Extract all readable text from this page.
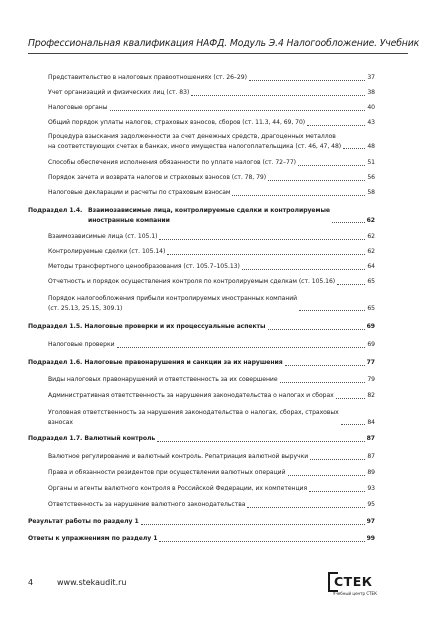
Профессиональная квалификация НАФД. Модуль Э.4 Налогообложение. Учебник
Представительство в налоговых правоотношениях (ст. 26–29)	37
Учет организаций и физических лиц (ст. 83)	38
Налоговые органы	40
Общий порядок уплаты налогов, страховых взносов, сборов (ст. 11.3, 44, 69, 70)	43
Процедура взыскания задолженности за счет денежных средств, драгоценных металлов
на соответствующих счетах в банках, иного имущества налогоплательщика (ст. 46, 47, 48)	48
Способы обеспечения исполнения обязанности по уплате налогов (ст. 72–77)	51
Порядок зачета и возврата налогов и страховых взносов (ст. 78, 79)	56
Налоговые декларации и расчеты по страховым взносам	58
Подраздел 1.4. Взаимозависимые лица, контролируемые сделки и контролируемые
иностранные компании	62
Взаимозависимые лица (ст. 105.1)	62
Контролируемые сделки (ст. 105.14)	62
Методы трансфертного ценообразования (ст. 105.7–105.13)	64
Отчетность и порядок осуществления контроля по контролируемым сделкам (ст. 105.16)	65
Порядок налогообложения прибыли контролируемых иностранных компаний
(ст. 25.13, 25.15, 309.1)	65
Подраздел 1.5. Налоговые проверки и их процессуальные аспекты	69
Налоговые проверки	69
Подраздел 1.6. Налоговые правонарушения и санкции за их нарушения	77
Виды налоговых правонарушений и ответственность за их совершение	79
Административная ответственность за нарушения законодательства о налогах и сборах	82
Уголовная ответственность за нарушения законодательства о налогах, сборах, страховых
взносах	84
Подраздел 1.7. Валютный контроль	87
Валютное регулирование и валютный контроль. Репатриация валютной выручки	87
Права и обязанности резидентов при осуществлении валютных операций	89
Органы и агенты валютного контроля в Российской Федерации, их компетенция	93
Ответственность за нарушение валютного законодательства	95
Результат работы по разделу 1	97
Ответы к упражнениям по разделу 1	99
4	www.stekaudit.ru	СТЕК
Учебный центр СТЕК
